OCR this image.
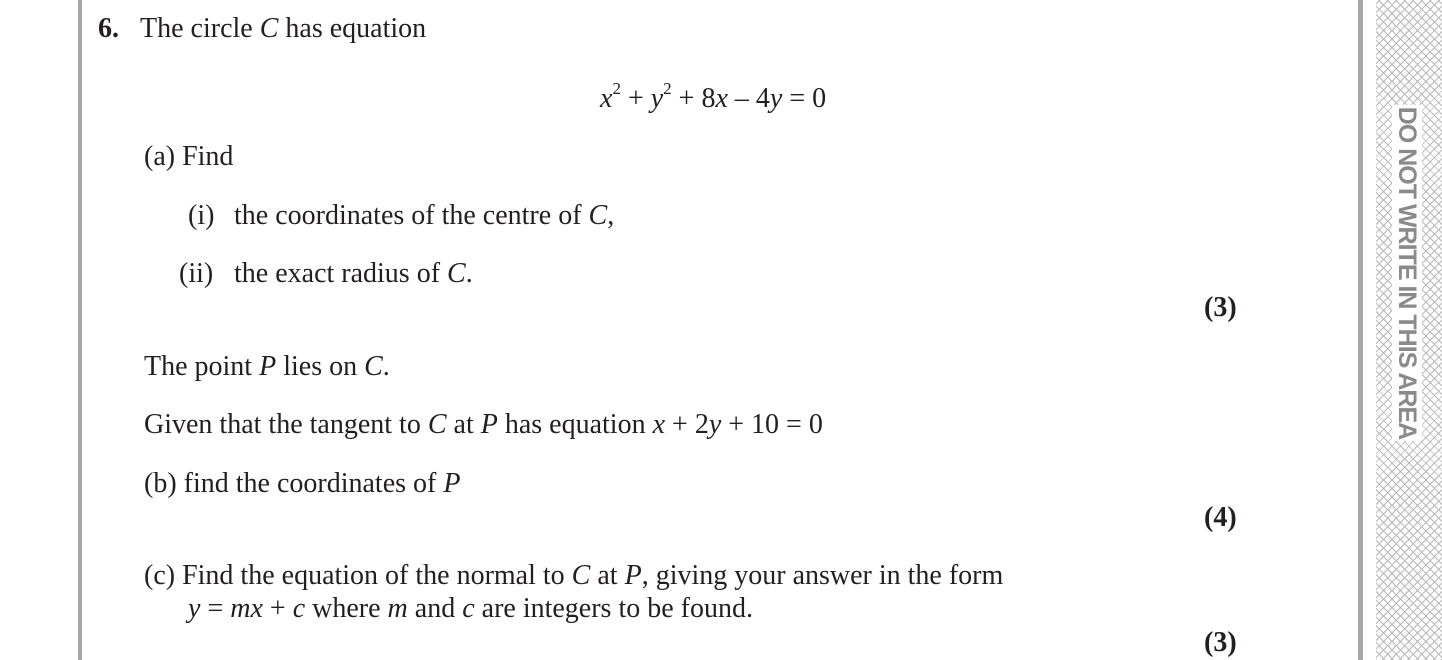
DO NOT WRITE IN THIS AREA
6. The circle C has equation
$x^2 + y^2 + 8x - 4y = 0$
(a) Find
(i) the coordinates of the centre of C,
(ii) the exact radius of C.
(3)
The point P lies on C.
Given that the tangent to C at P has equation x + 2y + 10 = 0
(b) find the coordinates of P
(4)
(c) Find the equation of the normal to C at P, giving your answer in the form
y = mx + c where m and c are integers to be found.
(3)
